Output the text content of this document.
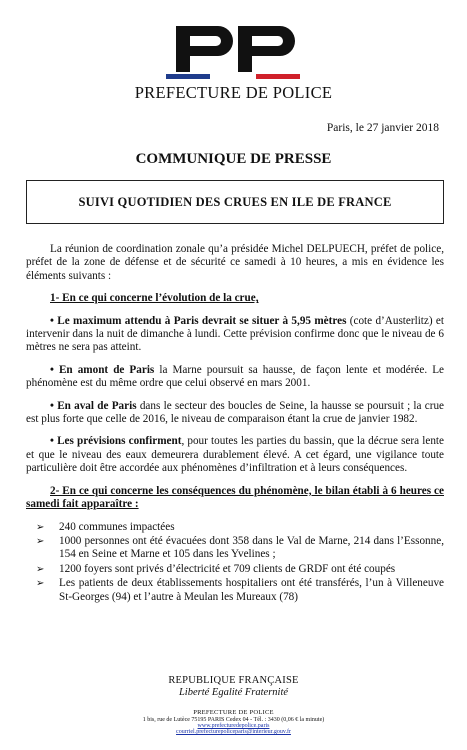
PREFECTURE DE POLICE
Paris, le 27 janvier 2018
COMMUNIQUE DE PRESSE
SUIVI QUOTIDIEN DES CRUES EN ILE DE FRANCE

La réunion de coordination zonale qu’a présidée Michel DELPUECH, préfet de police, préfet de la zone de défense et de sécurité ce samedi à 10 heures, a mis en évidence les éléments suivants :

1- En ce qui concerne l’évolution de la crue,

• Le maximum attendu à Paris devrait se situer à 5,95 mètres (cote d’Austerlitz) et intervenir dans la nuit de dimanche à lundi. Cette prévision confirme donc que le niveau de 6 mètres ne sera pas atteint.

• En amont de Paris la Marne poursuit sa hausse, de façon lente et modérée. Le phénomène est du même ordre que celui observé en mars 2001.

• En aval de Paris dans le secteur des boucles de Seine, la hausse se poursuit ; la crue est plus forte que celle de 2016, le niveau de comparaison étant la crue de janvier 1982.

• Les prévisions confirment, pour toutes les parties du bassin, que la décrue sera lente et que le niveau des eaux demeurera durablement élevé. A cet égard, une vigilance toute particulière doit être accordée aux phénomènes d’infiltration et à leurs conséquences.

2- En ce qui concerne les conséquences du phénomène, le bilan établi à 6 heures ce samedi fait apparaître :

➢ 240 communes impactées
➢ 1000 personnes ont été évacuées dont 358 dans le Val de Marne, 214 dans l’Essonne, 154 en Seine et Marne et 105 dans les Yvelines ;
➢ 1200 foyers sont privés d’électricité et 709 clients de GRDF ont été coupés
➢ Les patients de deux établissements hospitaliers ont été transférés, l’un à Villeneuve St-Georges (94) et l’autre à Meulan les Mureaux (78)
REPUBLIQUE FRANÇAISE
Liberté Egalité Fraternité
PREFECTURE DE POLICE
1 bis, rue de Lutèce 75195 PARIS Cedex 04 - Tél. : 3430 (0,06 € la minute)
www.prefecturedepolice.paris
courriel.prefecturepoliceparis@interieur.gouv.fr
